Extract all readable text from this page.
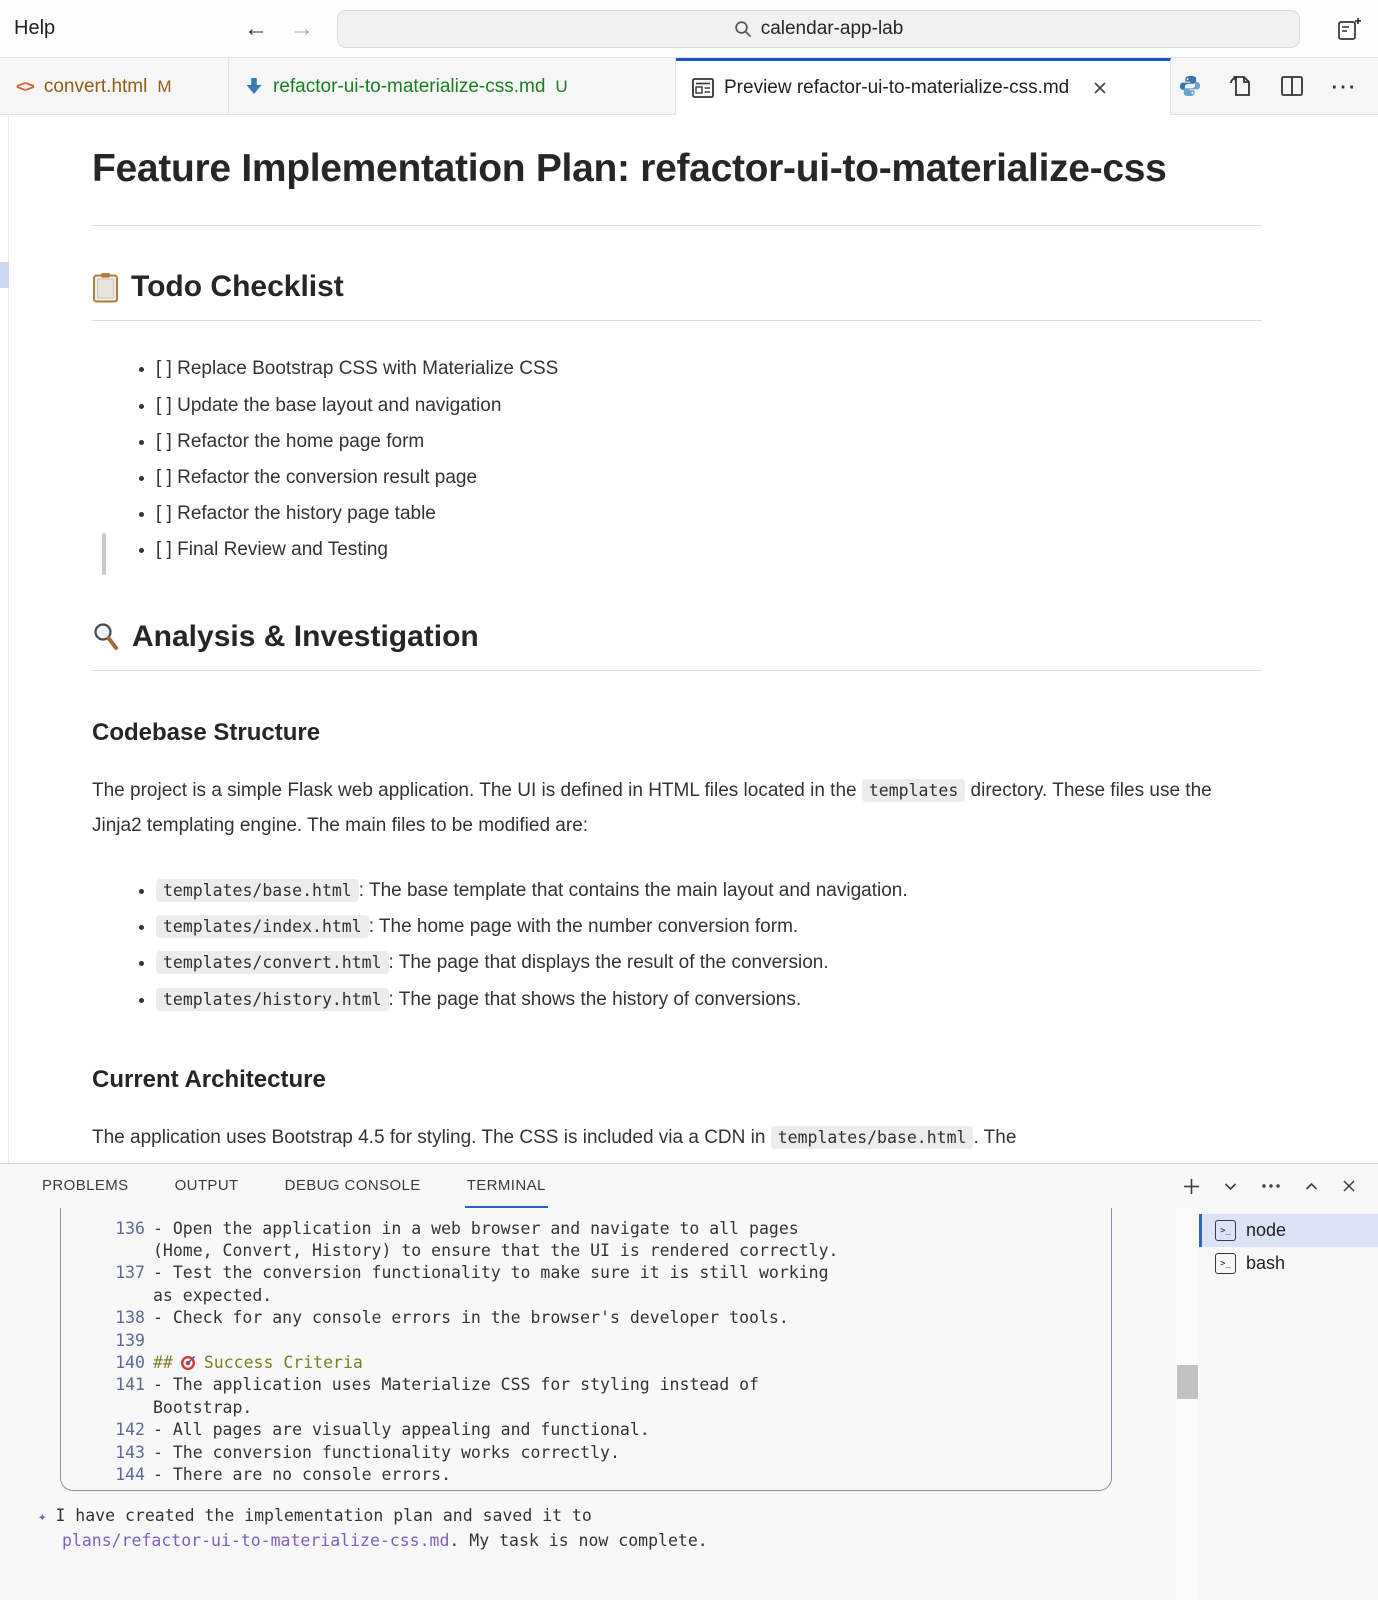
Help	← →	calendar-app-lab
<> convert.html M	refactor-ui-to-materialize-css.md U	Preview refactor-ui-to-materialize-css.md	⋯
Feature Implementation Plan: refactor-ui-to-materialize-css
Todo Checklist
• [ ] Replace Bootstrap CSS with Materialize CSS
• [ ] Update the base layout and navigation
• [ ] Refactor the home page form
• [ ] Refactor the conversion result page
• [ ] Refactor the history page table
• [ ] Final Review and Testing
Analysis & Investigation
Codebase Structure

The project is a simple Flask web application. The UI is defined in HTML files located in the templates directory. These files use the Jinja2 templating engine. The main files to be modified are:

• templates/base.html : The base template that contains the main layout and navigation.
• templates/index.html : The home page with the number conversion form.
• templates/convert.html : The page that displays the result of the conversion.
• templates/history.html : The page that shows the history of conversions.
Current Architecture

The application uses Bootstrap 4.5 for styling. The CSS is included via a CDN in templates/base.html . The

PROBLEMS	OUTPUT	DEBUG CONSOLE	TERMINAL
136 - Open the application in a web browser and navigate to all pages
(Home, Convert, History) to ensure that the UI is rendered correctly.
137 - Test the conversion functionality to make sure it is still working
as expected.
138 - Check for any console errors in the browser's developer tools.
139
140 ## Success Criteria
141 - The application uses Materialize CSS for styling instead of
Bootstrap.
142 - All pages are visually appealing and functional.
143 - The conversion functionality works correctly.
144 - There are no console errors.
✦ I have created the implementation plan and saved it to
plans/refactor-ui-to-materialize-css.md. My task is now complete.
>_ node
>_ bash
